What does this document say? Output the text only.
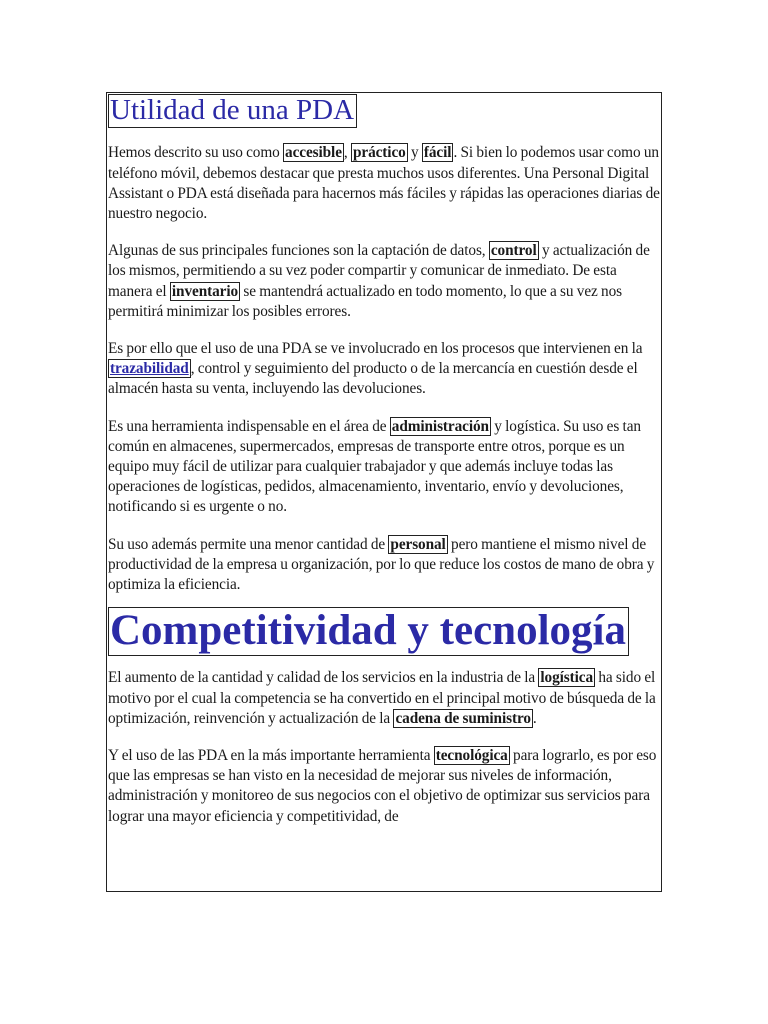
Utilidad de una PDA

Hemos descrito su uso como accesible , práctico y fácil . Si bien lo podemos usar como un teléfono móvil, debemos destacar que presta muchos usos diferentes. Una Personal Digital Assistant o PDA está diseñada para hacernos más fáciles y rápidas las operaciones diarias de nuestro negocio.

Algunas de sus principales funciones son la captación de datos, control y actualización de los mismos, permitiendo a su vez poder compartir y comunicar de inmediato. De esta manera el inventario se mantendrá actualizado en todo momento, lo que a su vez nos permitirá minimizar los posibles errores.

Es por ello que el uso de una PDA se ve involucrado en los procesos que intervienen en la trazabilidad , control y seguimiento del producto o de la mercancía en cuestión desde el almacén hasta su venta, incluyendo las devoluciones.

Es una herramienta indispensable en el área de administración y logística. Su uso es tan común en almacenes, supermercados, empresas de transporte entre otros, porque es un equipo muy fácil de utilizar para cualquier trabajador y que además incluye todas las operaciones de logísticas, pedidos, almacenamiento, inventario, envío y devoluciones, notificando si es urgente o no.

Su uso además permite una menor cantidad de personal pero mantiene el mismo nivel de productividad de la empresa u organización, por lo que reduce los costos de mano de obra y optimiza la eficiencia.

Competitividad y tecnología

El aumento de la cantidad y calidad de los servicios en la industria de la logística ha sido el motivo por el cual la competencia se ha convertido en el principal motivo de búsqueda de la optimización, reinvención y actualización de la cadena de suministro .

Y el uso de las PDA en la más importante herramienta tecnológica para lograrlo, es por eso que las empresas se han visto en la necesidad de mejorar sus niveles de información, administración y monitoreo de sus negocios con el objetivo de optimizar sus servicios para lograr una mayor eficiencia y competitividad, de
